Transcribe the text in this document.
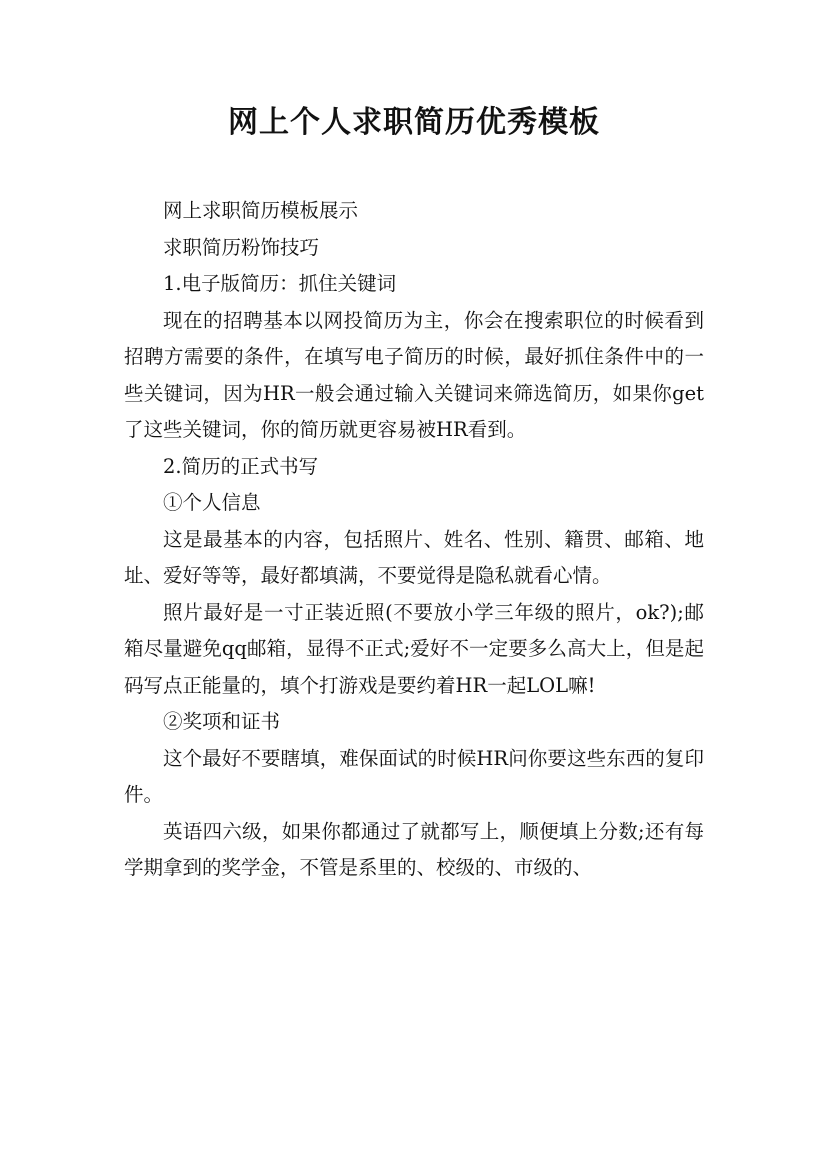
网上个人求职简历优秀模板

网上求职简历模板展示

求职简历粉饰技巧

1.电子版简历：抓住关键词

现在的招聘基本以网投简历为主，你会在搜索职位的时候看到招聘方需要的条件，在填写电子简历的时候，最好抓住条件中的一些关键词，因为HR一般会通过输入关键词来筛选简历，如果你get了这些关键词，你的简历就更容易被HR看到。

2.简历的正式书写

①个人信息

这是最基本的内容，包括照片、姓名、性别、籍贯、邮箱、地址、爱好等等，最好都填满，不要觉得是隐私就看心情。

照片最好是一寸正装近照(不要放小学三年级的照片，ok?);邮箱尽量避免qq邮箱，显得不正式;爱好不一定要多么高大上，但是起码写点正能量的，填个打游戏是要约着HR一起LOL嘛!

②奖项和证书

这个最好不要瞎填，难保面试的时候HR问你要这些东西的复印件。

英语四六级，如果你都通过了就都写上，顺便填上分数;还有每学期拿到的奖学金，不管是系里的、校级的、市级的、
